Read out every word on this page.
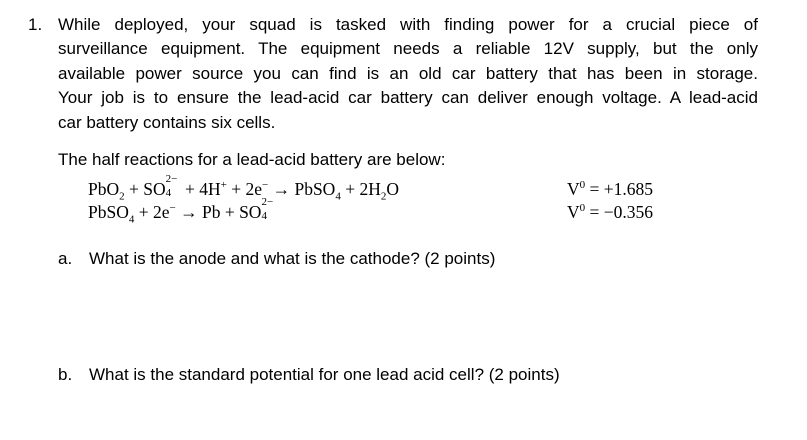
1. While deployed, your squad is tasked with finding power for a crucial piece of
surveillance equipment. The equipment needs a reliable 12V supply, but the only
available power source you can find is an old car battery that has been in storage.
Your job is to ensure the lead-acid car battery can deliver enough voltage. A lead-acid
car battery contains six cells.
The half reactions for a lead-acid battery are below:
PbO$_2$ + SO 2−
4 + 4H+ + 2e− → PbSO$_4$ + $2H_2O$	$V^0 = +1.685$
PbSO$_4$ + 2e− → Pb + SO 2−
4	$V^0 = -0.356$
a. What is the anode and what is the cathode? (2 points)
b. What is the standard potential for one lead acid cell? (2 points)
